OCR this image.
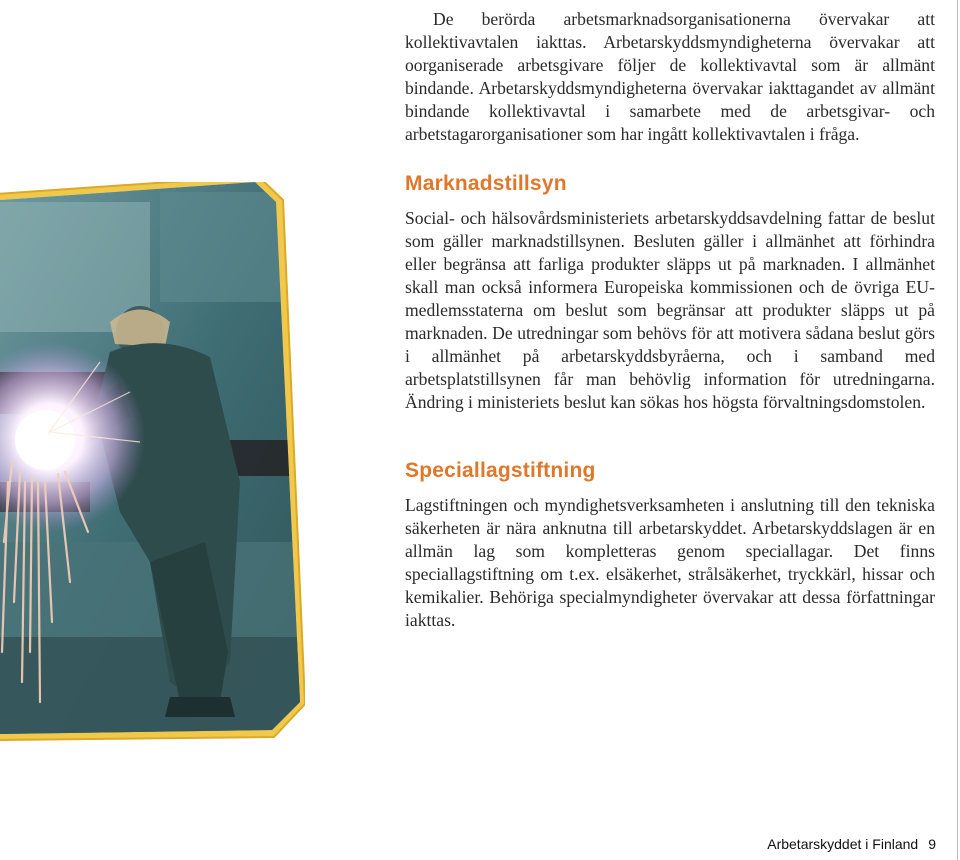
De berörda arbetsmarknadsorganisationerna övervakar att kollektivavtalen iakttas. Arbetarskyddsmyndigheterna övervakar att oorganiserade arbetsgivare följer de kollektivavtal som är allmänt bindande. Arbetarskyddsmyndigheterna övervakar iakttagandet av allmänt bindande kollektivavtal i samarbete med de arbetsgivar- och arbetstagarorganisationer som har ingått kollektivavtalen i fråga.

Marknadstillsyn

Social- och hälsovårdsministeriets arbetarskyddsavdelning fattar de beslut som gäller marknadstillsynen. Besluten gäller i allmänhet att förhindra eller begränsa att farliga produkter släpps ut på marknaden. I allmänhet skall man också informera Europeiska kommissionen och de övriga EU-medlemsstaterna om beslut som begränsar att produkter släpps ut på marknaden. De utredningar som behövs för att motivera sådana beslut görs i allmänhet på arbetarskyddsbyråerna, och i samband med arbetsplatstillsynen får man behövlig information för utredningarna. Ändring i ministeriets beslut kan sökas hos högsta förvaltningsdomstolen.

Speciallagstiftning

Lagstiftningen och myndighetsverksamheten i anslutning till den tekniska säkerheten är nära anknutna till arbetarskyddet. Arbetarskyddslagen är en allmän lag som kompletteras genom speciallagar. Det finns speciallagstiftning om t.ex. elsäkerhet, strålsäkerhet, tryckkärl, hissar och kemikalier. Behöriga specialmyndigheter övervakar att dessa författningar iakttas.

Arbetarskyddet i Finland 9
